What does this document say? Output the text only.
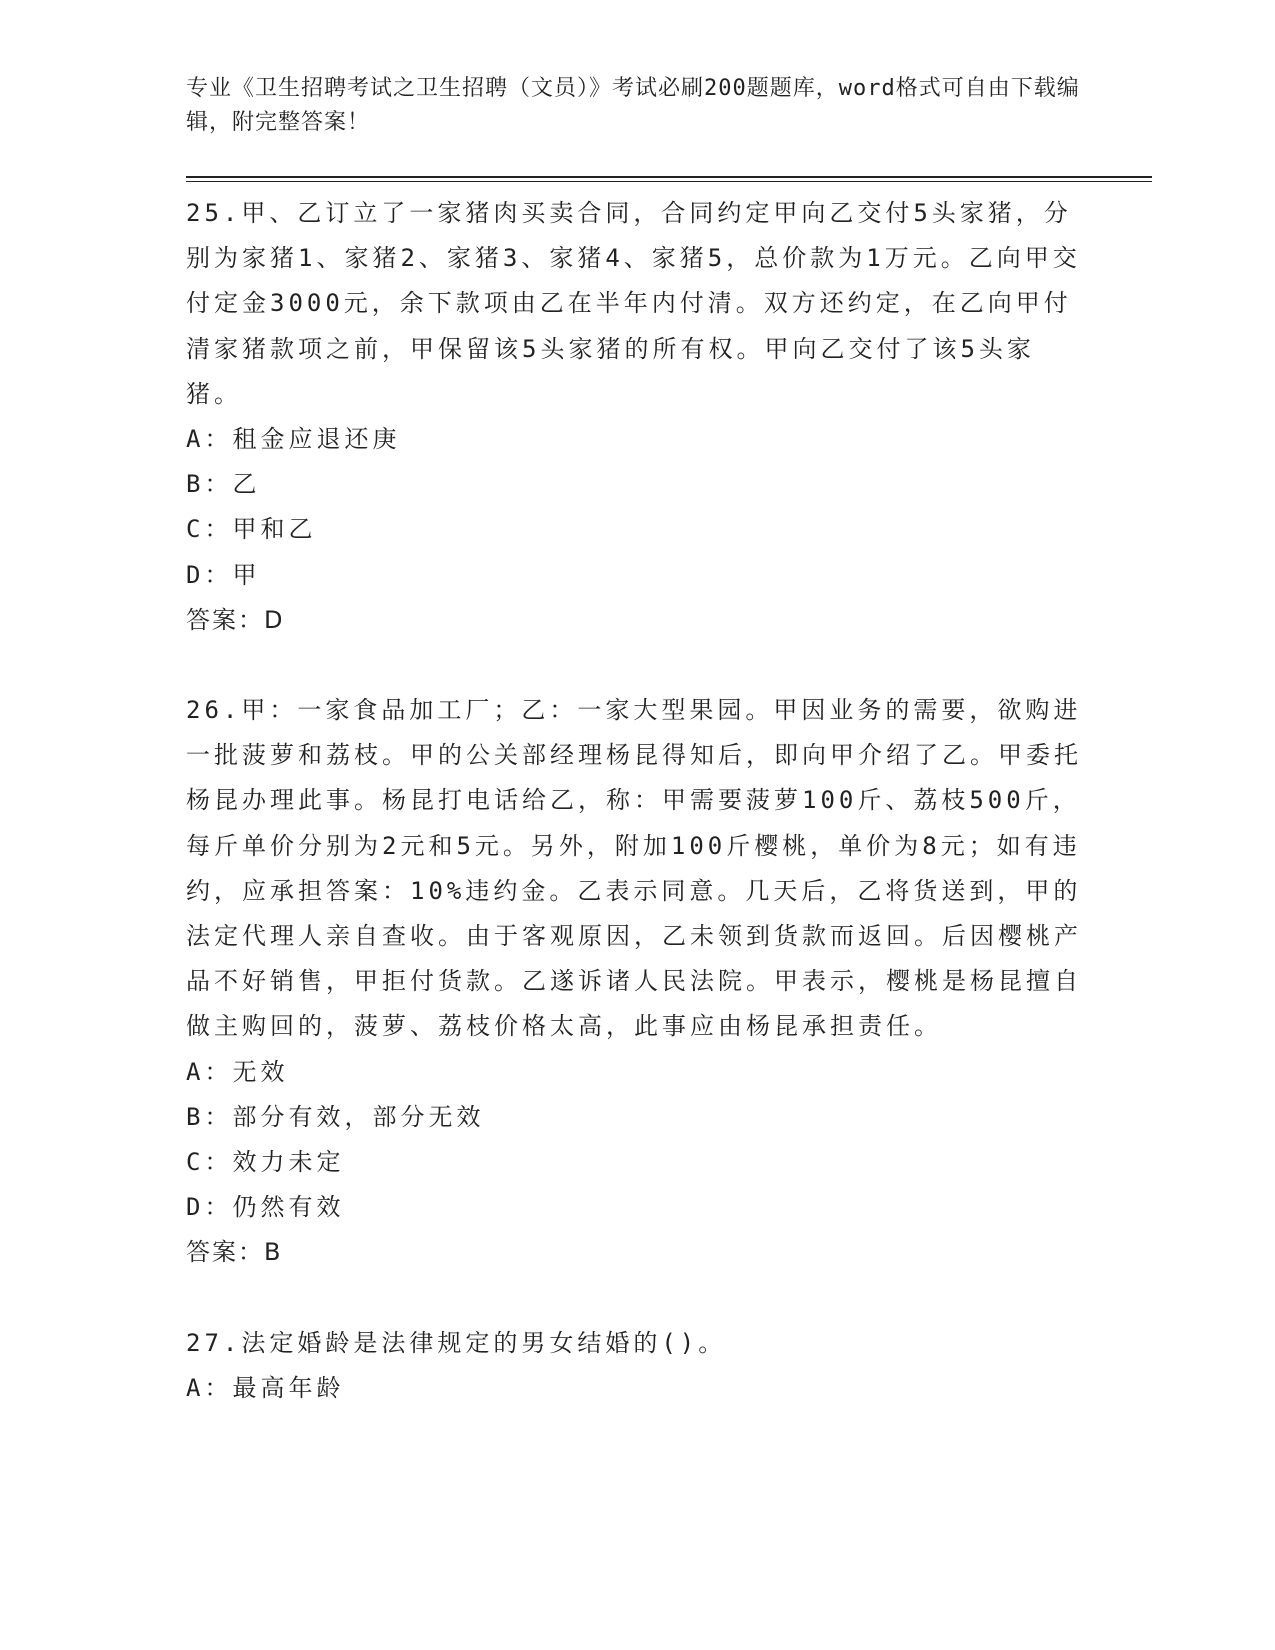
专业《卫生招聘考试之卫生招聘（文员）》考试必刷200题题库，word格式可自由下载编辑，附完整答案！

25.甲、乙订立了一家猪肉买卖合同，合同约定甲向乙交付5头家猪，分别为家猪1、家猪2、家猪3、家猪4、家猪5，总价款为1万元。乙向甲交付定金3000元，余下款项由乙在半年内付清。双方还约定，在乙向甲付清家猪款项之前，甲保留该5头家猪的所有权。甲向乙交付了该5头家猪。

A：租金应退还庚

B：乙

C：甲和乙

D：甲

答案：D

26.甲：一家食品加工厂；乙：一家大型果园。甲因业务的需要，欲购进一批菠萝和荔枝。甲的公关部经理杨昆得知后，即向甲介绍了乙。甲委托杨昆办理此事。杨昆打电话给乙，称：甲需要菠萝100斤、荔枝500斤，每斤单价分别为2元和5元。另外，附加100斤樱桃，单价为8元；如有违约，应承担答案：10%违约金。乙表示同意。几天后，乙将货送到，甲的法定代理人亲自查收。由于客观原因，乙未领到货款而返回。后因樱桃产品不好销售，甲拒付货款。乙遂诉诸人民法院。甲表示，樱桃是杨昆擅自做主购回的，菠萝、荔枝价格太高，此事应由杨昆承担责任。

A：无效

B：部分有效，部分无效

C：效力未定

D：仍然有效

答案：B

27.法定婚龄是法律规定的男女结婚的()。

A：最高年龄
